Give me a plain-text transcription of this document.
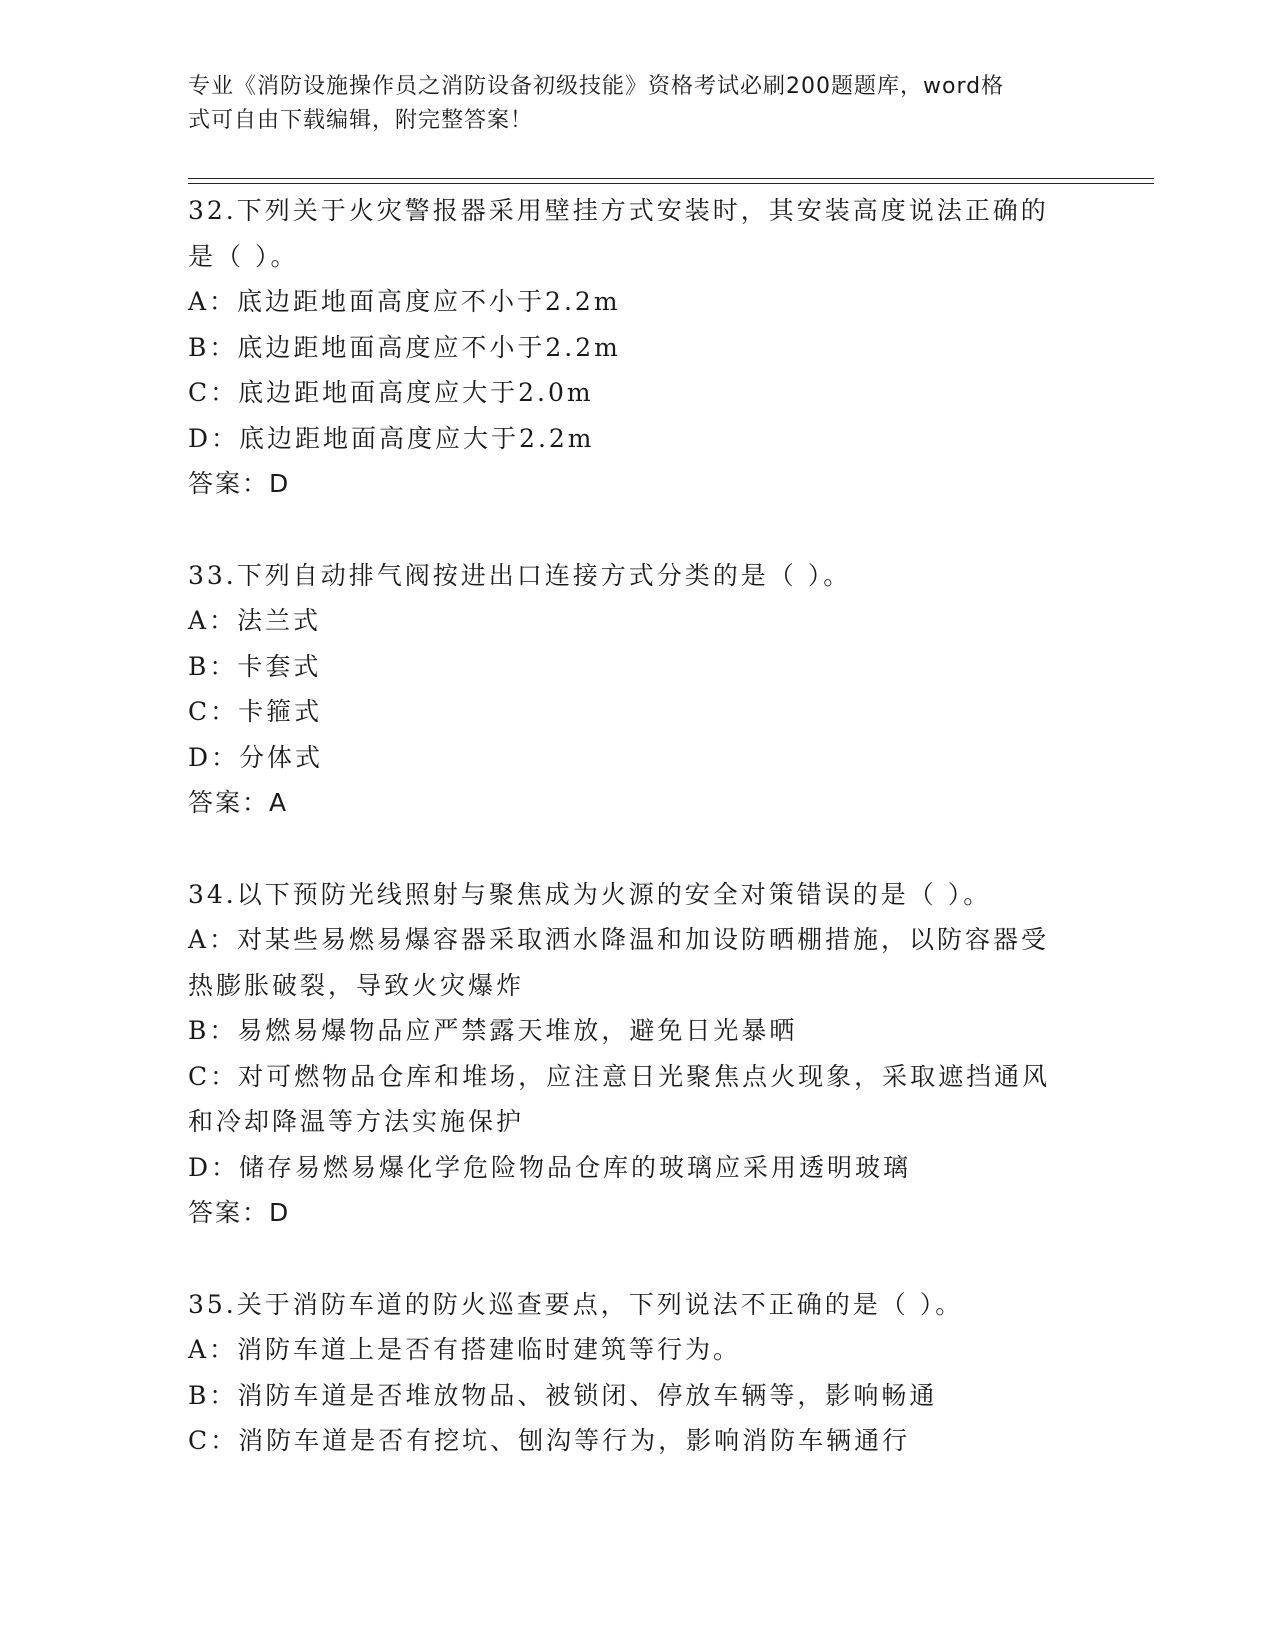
专业《消防设施操作员之消防设备初级技能》资格考试必刷200题题库，word格
式可自由下载编辑，附完整答案！
32.下列关于火灾警报器采用壁挂方式安装时，其安装高度说法正确的
是（ ）。
A：底边距地面高度应不小于2.2m
B：底边距地面高度应不小于2.2m
C：底边距地面高度应大于2.0m
D：底边距地面高度应大于2.2m
答案：D
33.下列自动排气阀按进出口连接方式分类的是（ ）。
A：法兰式
B：卡套式
C：卡箍式
D：分体式
答案：A
34.以下预防光线照射与聚焦成为火源的安全对策错误的是（ ）。
A：对某些易燃易爆容器采取洒水降温和加设防晒棚措施，以防容器受
热膨胀破裂，导致火灾爆炸
B：易燃易爆物品应严禁露天堆放，避免日光暴晒
C：对可燃物品仓库和堆场，应注意日光聚焦点火现象，采取遮挡通风
和冷却降温等方法实施保护
D：储存易燃易爆化学危险物品仓库的玻璃应采用透明玻璃
答案：D
35.关于消防车道的防火巡查要点，下列说法不正确的是（ ）。
A：消防车道上是否有搭建临时建筑等行为。
B：消防车道是否堆放物品、被锁闭、停放车辆等，影响畅通
C：消防车道是否有挖坑、刨沟等行为，影响消防车辆通行
